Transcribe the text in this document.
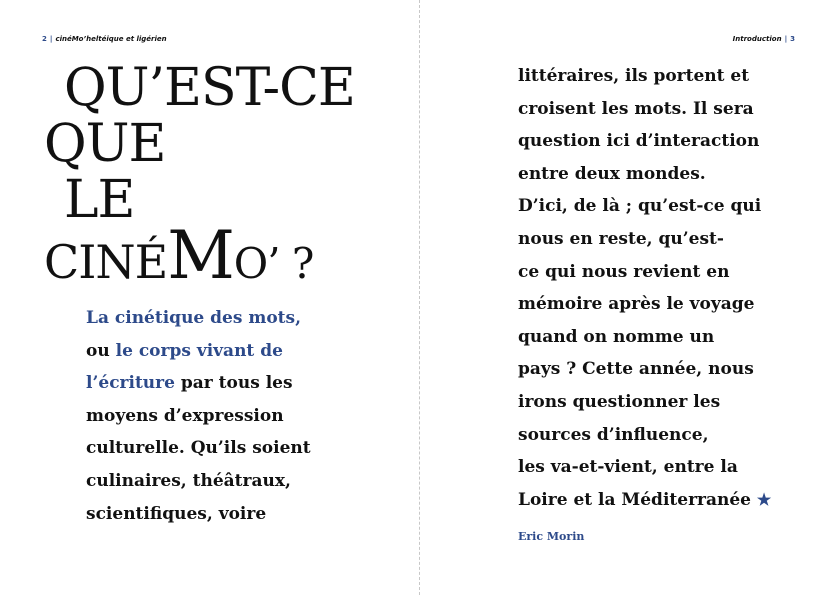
2 | cinéMo’heltéique et ligérien
QU’EST-CE
QUE
LE
CINÉMO’ ?
La cinétique des mots,
ou le corps vivant de
l’écriture par tous les
moyens d’expression
culturelle. Qu’ils soient
culinaires, théâtraux,
scientifiques, voire
Introduction | 3
littéraires, ils portent et
croisent les mots. Il sera
question ici d’interaction
entre deux mondes.
D’ici, de là ; qu’est-ce qui
nous en reste, qu’est-
ce qui nous revient en
mémoire après le voyage
quand on nomme un
pays ? Cette année, nous
irons questionner les
sources d’influence,
les va-et-vient, entre la
Loire et la Méditerranée ★
Eric Morin
